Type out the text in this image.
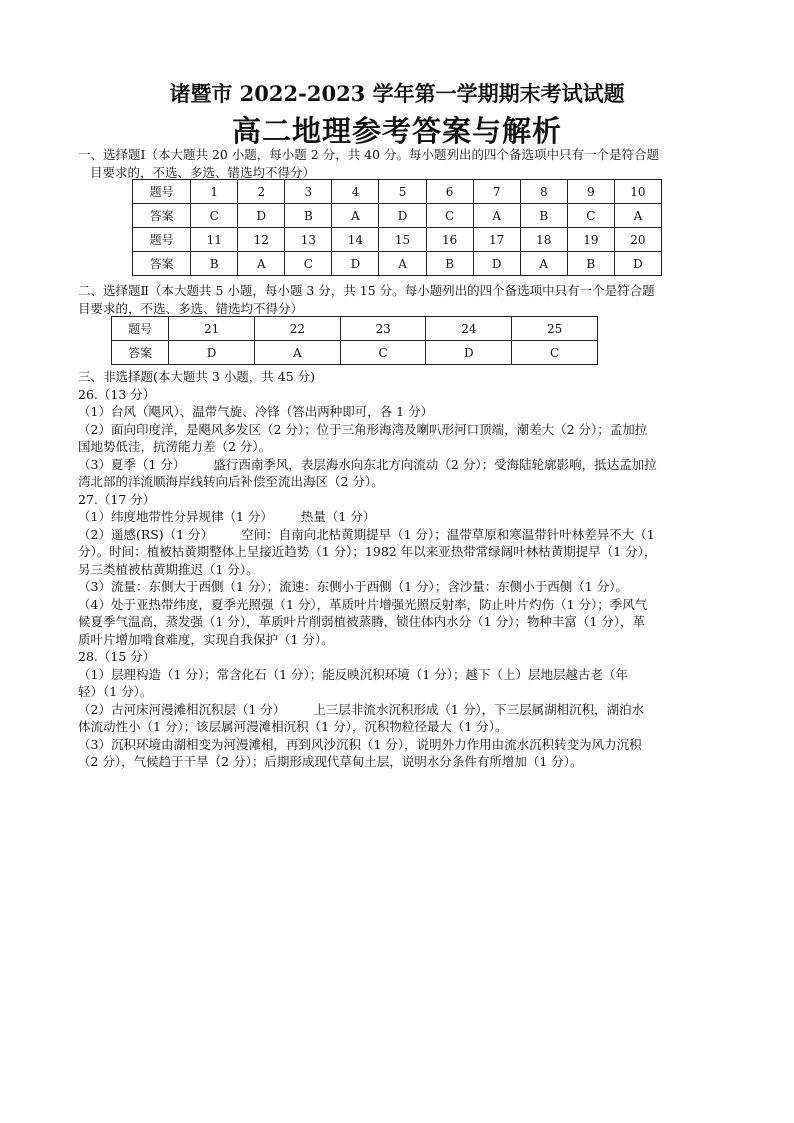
诸暨市 2022-2023 学年第一学期期末考试试题
高二地理参考答案与解析
一、选择题Ⅰ（本大题共 20 小题，每小题 2 分，共 40 分。每小题列出的四个备选项中只有一个是符合题
目要求的，不选、多选、错选均不得分）
题号	1	2	3	4	5	6	7	8	9	10
答案	C	D	B	A	D	C	A	B	C	A
题号	11	12	13	14	15	16	17	18	19	20
答案	B	A	C	D	A	B	D	A	B	D
二、选择题Ⅱ（本大题共 5 小题，每小题 3 分，共 15 分。每小题列出的四个备选项中只有一个是符合题
目要求的，不选、多选、错选均不得分）
题号	21	22	23	24	25
答案	D	A	C	D	C
三、非选择题(本大题共 3 小题，共 45 分)
26.（13 分）
（1）台风（飓风）、温带气旋、冷锋（答出两种即可，各 1 分）
（2）面向印度洋，是飓风多发区（2 分）；位于三角形海湾及喇叭形河口顶端，潮差大（2 分）；孟加拉
国地势低洼，抗涝能力差（2 分）。
（3）夏季（1 分） 盛行西南季风，表层海水向东北方向流动（2 分）；受海陆轮廓影响，抵达孟加拉
湾北部的洋流顺海岸线转向后补偿至流出海区（2 分）。
27.（17 分）
（1）纬度地带性分异规律（1 分） 热量（1 分）
（2）遥感(RS)（1 分） 空间：自南向北枯黄期提早（1 分）；温带草原和寒温带针叶林差异不大（1
分）。时间：植被枯黄期整体上呈接近趋势（1 分）；1982 年以来亚热带常绿阔叶林枯黄期提早（1 分），
另三类植被枯黄期推迟（1 分）。
（3）流量：东侧大于西侧（1 分）；流速：东侧小于西侧（1 分）；含沙量：东侧小于西侧（1 分）。
（4）处于亚热带纬度，夏季光照强（1 分），革质叶片增强光照反射率，防止叶片灼伤（1 分）；季风气
候夏季气温高，蒸发强（1 分），革质叶片削弱植被蒸腾，锁住体内水分（1 分）；物种丰富（1 分），革
质叶片增加啃食难度，实现自我保护（1 分）。
28.（15 分）
（1）层理构造（1 分）；常含化石（1 分）；能反映沉积环境（1 分）；越下（上）层地层越古老（年
轻）（1 分）。
（2）古河床河漫滩相沉积层（1 分） 上三层非流水沉积形成（1 分），下三层属湖相沉积，湖泊水
体流动性小（1 分）；该层属河漫滩相沉积（1 分），沉积物粒径最大（1 分）。
（3）沉积环境由湖相变为河漫滩相，再到风沙沉积（1 分），说明外力作用由流水沉积转变为风力沉积
（2 分），气候趋于干旱（2 分）；后期形成现代草甸土层，说明水分条件有所增加（1 分）。
